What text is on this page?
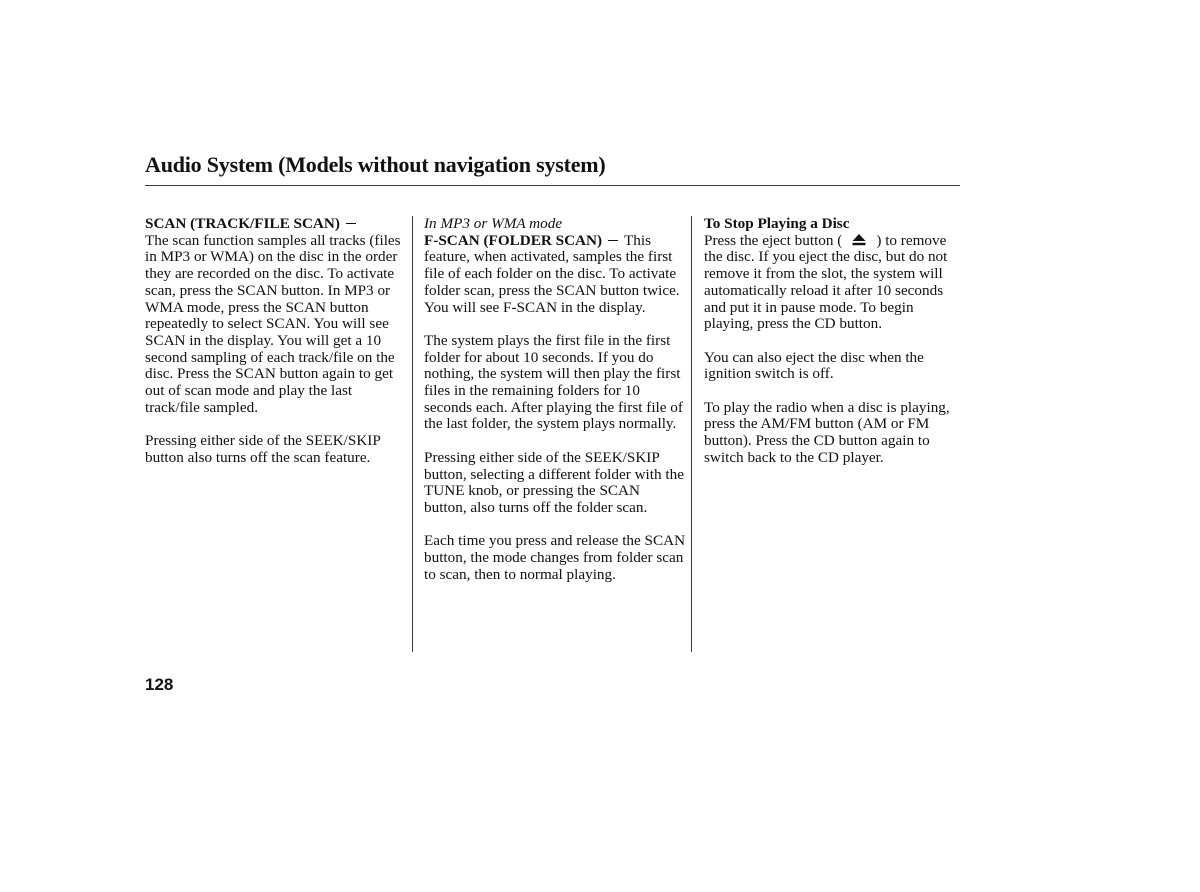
Audio System (Models without navigation system)
SCAN (TRACK/FILE SCAN)

The scan function samples all tracks (files in MP3 or WMA) on the disc in the order they are recorded on the disc. To activate scan, press the SCAN button. In MP3 or WMA mode, press the SCAN button repeatedly to select SCAN. You will see SCAN in the display. You will get a 10 second sampling of each track/file on the disc. Press the SCAN button again to get out of scan mode and play the last track/file sampled.

Pressing either side of the SEEK/SKIP button also turns off the scan feature.

In MP3 or WMA mode

F-SCAN (FOLDER SCAN) This feature, when activated, samples the first file of each folder on the disc. To activate folder scan, press the SCAN button twice. You will see F-SCAN in the display.

The system plays the first file in the first folder for about 10 seconds. If you do nothing, the system will then play the first files in the remaining folders for 10 seconds each. After playing the first file of the last folder, the system plays normally.

Pressing either side of the SEEK/SKIP button, selecting a different folder with the TUNE knob, or pressing the SCAN button, also turns off the folder scan.

Each time you press and release the SCAN button, the mode changes from folder scan to scan, then to normal playing.

To Stop Playing a Disc

Press the eject button ( ) to remove the disc. If you eject the disc, but do not remove it from the slot, the system will automatically reload it after 10 seconds and put it in pause mode. To begin playing, press the CD button.

You can also eject the disc when the ignition switch is off.

To play the radio when a disc is playing, press the AM/FM button (AM or FM button). Press the CD button again to switch back to the CD player.

128
